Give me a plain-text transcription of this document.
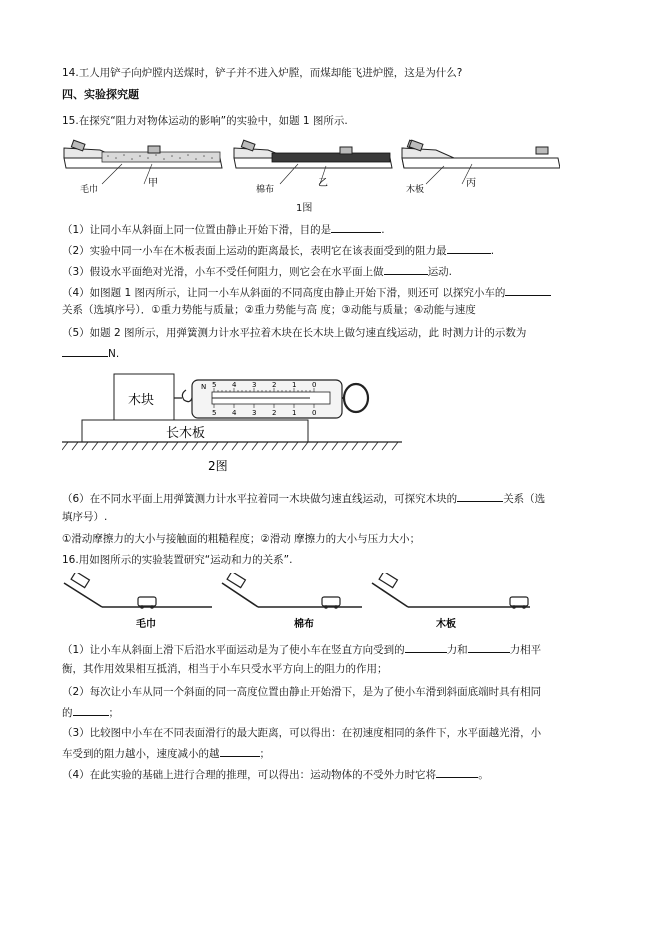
14.工人用铲子向炉膛内送煤时，铲子并不进入炉膛，而煤却能飞进炉膛，这是为什么?
四、实验探究题
15.在探究“阻力对物体运动的影响”的实验中，如题 1 图所示.
毛巾
甲
棉布
乙
木板
丙
1图
（1）让同小车从斜面上同一位置由静止开始下滑，目的是	.
（2）实验中同一小车在木板表面上运动的距离最长，表明它在该表面受到的阻力最	.
（3）假设水平面绝对光滑，小车不受任何阻力，则它会在水平面上做	运动.
（4）如图题 1 图丙所示，让同一小车从斜面的不同高度由静止开始下滑，则还可 以探究小车的
关系（选填序号）．①重力势能与质量；②重力势能与高 度；③动能与质量；④动能与速度
（5）如题 2 图所示，用弹簧测力计水平拉着木块在长木块上做匀速直线运动，此 时测力计的示数为
N.
木块
长木板
N 5 4 3 2 1 0
5 4 3 2 1 0
2图
（6）在不同水平面上用弹簧测力计水平拉着同一木块做匀速直线运动，可探究木块的	关系（选
填序号）.
①滑动摩擦力的大小与接触面的粗糙程度；②滑动 摩擦力的大小与压力大小；
16.用如图所示的实验装置研究“运动和力的关系”.
毛巾	棉布	木板
（1）让小车从斜面上滑下后沿水平面运动是为了使小车在竖直方向受到的	力和	力相平
衡，其作用效果相互抵消，相当于小车只受水平方向上的阻力的作用；
（2）每次让小车从同一个斜面的同一高度位置由静止开始滑下，是为了使小车滑到斜面底端时具有相同
的	；
（3）比较图中小车在不同表面滑行的最大距离，可以得出：在初速度相同的条件下，水平面越光滑，小
车受到的阻力越小，速度减小的越	；
（4）在此实验的基础上进行合理的推理，可以得出：运动物体的不受外力时它将	。
